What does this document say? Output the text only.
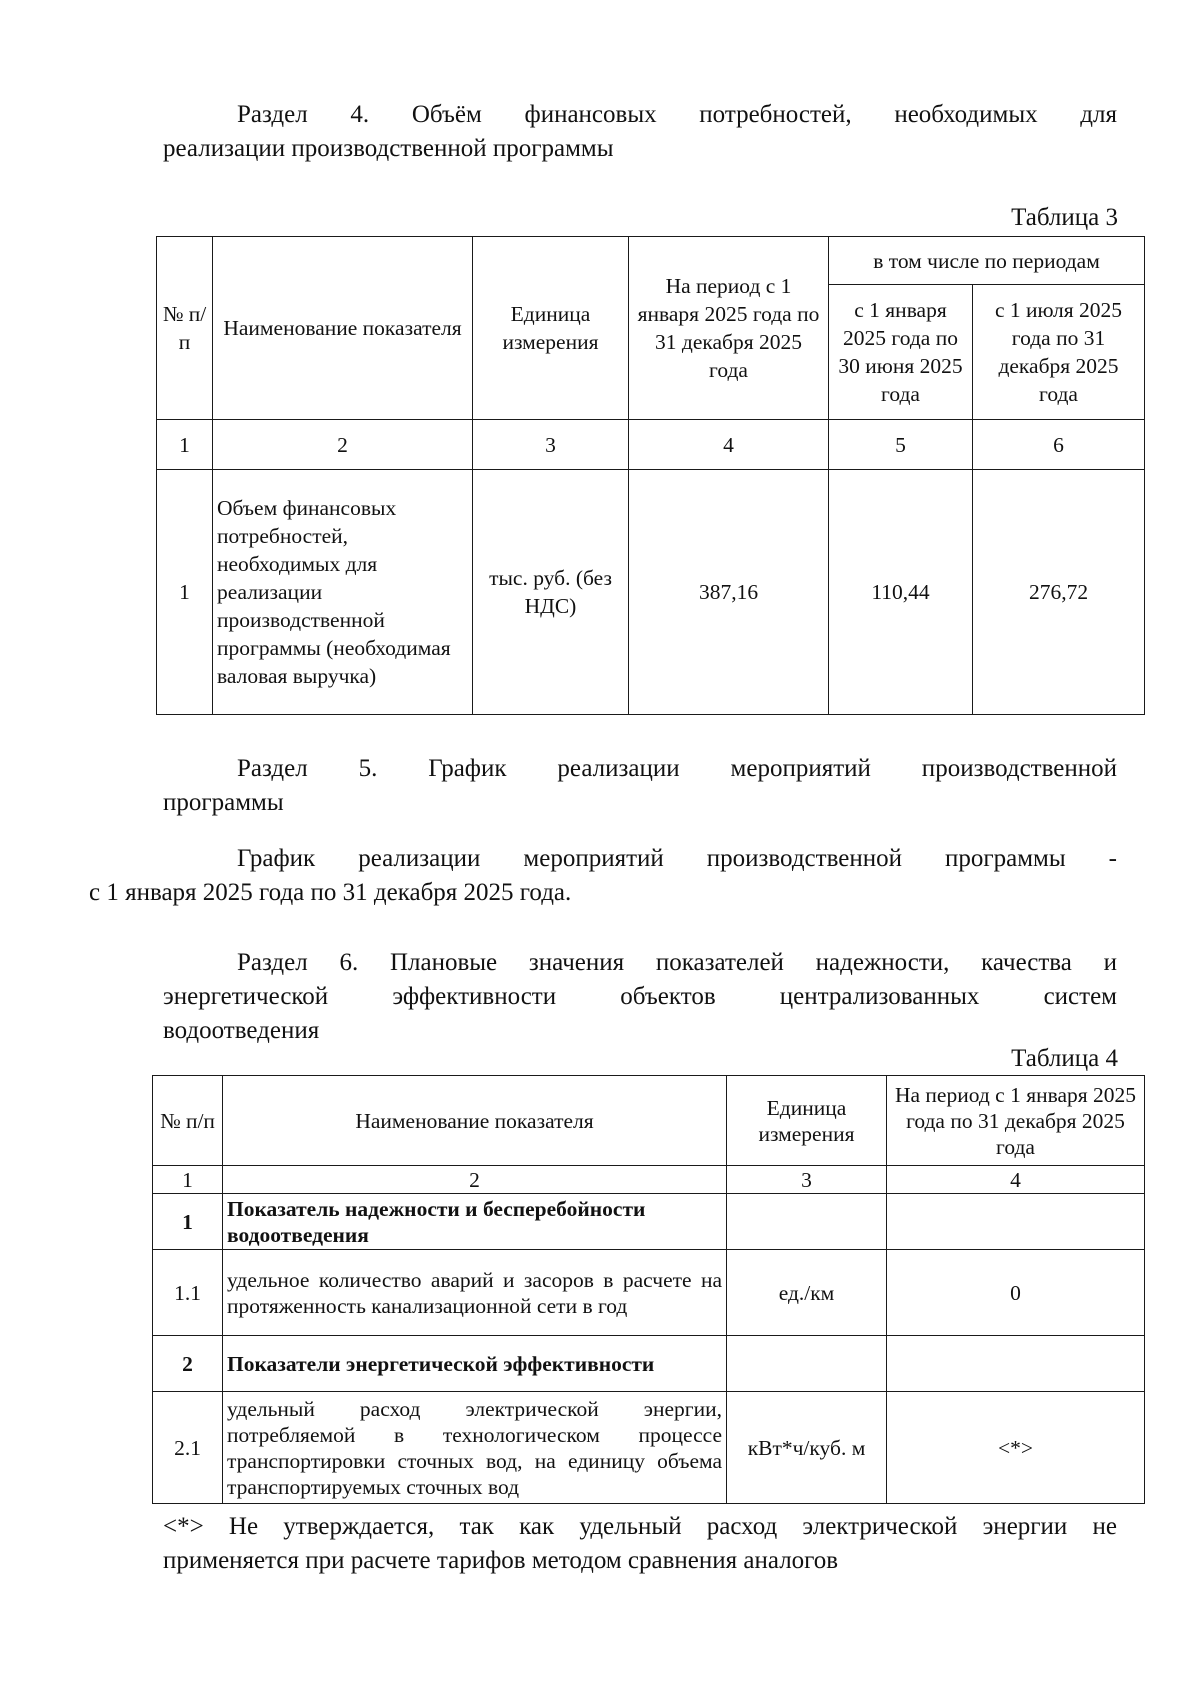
Раздел 4. Объём финансовых потребностей, необходимых для
реализации производственной программы

Таблица 3
№ п/п	Наименование показателя	Единица измерения	На период с 1 января 2025 года по 31 декабря 2025 года	в том числе по периодам	
				с 1 января 2025 года по 30 июня 2025 года	с 1 июля 2025 года по 31 декабря 2025 года
1	2	3	4	5	6
1	Объем финансовых потребностей, необходимых для реализации производственной программы (необходимая валовая выручка)	тыс. руб. (без НДС)	387,16	110,44	276,72

Раздел 5. График реализации мероприятий производственной
программы

График реализации мероприятий производственной программы -
с 1 января 2025 года по 31 декабря 2025 года.

Раздел 6. Плановые значения показателей надежности, качества и
энергетической эффективности объектов централизованных систем
водоотведения

Таблица 4
№ п/п	Наименование показателя	Единица измерения	На период с 1 января 2025 года по 31 декабря 2025 года
1	2	3	4
1	Показатель надежности и бесперебойности водоотведения		
1.1	удельное количество аварий и засоров в расчете на протяженность канализационной сети в год	ед./км	0
2	Показатели энергетической эффективности		
2.1	удельный расход электрической энергии, потребляемой в технологическом процессе транспортировки сточных вод, на единицу объема транспортируемых сточных вод	кВт*ч/куб. м	<*>

<*> Не утверждается, так как удельный расход электрической энергии не
применяется при расчете тарифов методом сравнения аналогов
